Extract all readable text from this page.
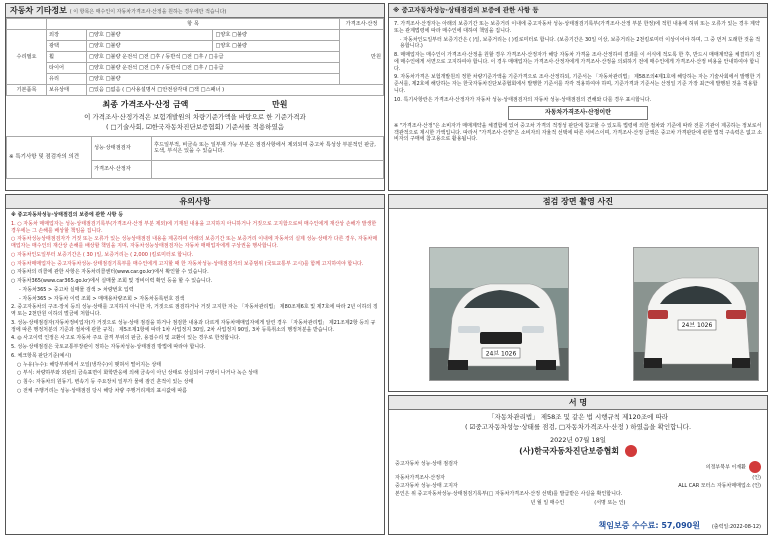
자동차 기타정보 ( 이 항목은 매수인이 자동차가격조사·산정을 원하는 경우에만 적습니다)
	항 목			가격조사·산정
수리필요	외장	□양호 □불량	□양호 □불량	만원
	광택	□양호 □불량	□양호 □불량	
	휠	□양호 □불량 운전석 □전 □후 / 동반석 □전 □후 / □응급		
	타이어	□양호 □불량 운전석 □전 □후 / 동반석 □전 □후 / □응급		
	유리	□양호 □불량		
기본품목	보유상태	□있음 □없음 ( □사용설명서 □안전삼각대 □잭 □스패너 )		
최종 가격조사·산정 금액	만원
이 가격조사·산정가격은 보험개발원의 차량기준가액을 바탕으로 한 기준가격과
( □기술사회, ☑한국자동차진단보증협회) 기준서를 적용하였음
※ 특기사항 및 점검자의 의견	성능·상태점검자	후드일부적, 비금속 또는 일부재 가능 부분은 점검사항에서 제외되며 중고차 특성상 부분적인 판금, 도색, 부식은 있을 수 있습니다.
	가격조사·산정자	
※ 중고자동차성능·상태점검의 보증에 관한 사항 등
7. 가격조사·산정자는 아래의 보증기간 또는 보증거리 이내에 중고자동차 성능·상태점검기록부(가격조사·산정 부분 한정)에 적힌 내용에 허위 또는 오류가 있는 경우 계약 또는 관계법령에 따라 매수인에 대하여 책임을 집니다.
· 자동차인도일부터 보증기간은 ( )일, 보증거리는 ( )킬로미터로 합니다. (보증기간은 30일 이상, 보증거리는 2천킬로미터 이상이어야 하며, 그 중 먼저 도래한 것을 적용합니다.)
8. 매매업자는 매수인이 가격조사·산정을 원할 경우 가격조사·산정자가 해당 자동차 가격을 조사·산정하여 결과를 이 서식에 적도록 한 후, 반드시 매매계약을 체결하기 전에 매수인에게 서면으로 고지하여야 합니다. 이 경우 매매업자는 가격조사·산정자에게 가격조사·산정을 의뢰하기 전에 매수인에게 가격조사·산정 비용을 안내하여야 합니다.
9. 자동차가격은 보험개발원의 정한 차량기준가액을 기준가격으로 조사·산정하되, 기준서는 「자동차관리법」 제58조의4제1호에 해당하는 자는 기술사회에서 발행한 기준서를, 제2호에 해당하는 자는 한국자동차진단보증협회에서 발행한 기준서를 각각 적용하여야 하며, 기준가격과 기준서는 산정일 기준 가장 최근에 발행된 것을 적용합니다.
10. 특기사항란은 가격조사·산정자가 자동차 성능·상태점검자의 자동차 성능·상태점검의 견해와 다를 경우 표시합니다.
자동차가격조사·산정이란
※ "가격조사·산정"은 소비자가 매매계약을 체결함에 있어 중고차 가격의 적정성 판단에 참고할 수 있도록 법령에 의한 절차와 기준에 따라 전문 기관이 제공하는 정보로서 객관적으로 제시한 가액입니다. 따라서 "가격조사·산정"은 소비자의 자율적 선택에 따른 서비스이며, 가격조사·산정 금액은 중고차 가격판단에 관한 법적 구속력은 없고 소비자의 구매에 참고용으로 활용됩니다.
유의사항
※ 중고자동차성능·상태점검의 보증에 관한 사항 등
1. ○ 자동차 매매업자는 성능·상태점검기록부(가격조사·산정 부분 제외)에 기재된 내용을 고지하지 아니하거나 거짓으로 고지함으로써 매수인에게 재산상 손해가 발생한 경우에는 그 손해를 배상할 책임을 집니다.
○ 자동차성능상태점검자가 거짓 또는 오류가 있는 성능상태점검 내용을 제공하여 아래의 보증기간 또는 보증거리 이내에 자동차의 실제 성능·상태가 다른 경우, 자동차매매업자는 매수인의 재산상 손해를 배상할 책임을 지며, 자동차성능상태점검자는 자동차 매매업자에게 구상권을 행사합니다.
○ 자동차인도일부터 보증기간은 ( 30 )일, 보증거리는 ( 2,000 )킬로미터로 합니다.
○ 자동차매매업자는 중고자동차성능·상태점검기록부를 매수인에게 고지할 때 한 자동차성능·상태점검자의 보증범위 (국토교통부 고시)를 함께 고지하여야 합니다.
○ 자동차의 리콜에 관한 사항은 자동차리콜센터(www.car.go.kr)에서 확인할 수 있습니다.
○ 자동차365(www.car365.go.kr)에서 실매물 조회 및 정비이력 확인 등을 할 수 있습니다.
- 자동차365 > 중고차 실매물 검색 > 차량번호 입력
- 자동차365 > 자동차 이력 조회 > 매매용차량조회 > 자동차등록번호 검색
2. 중고자동차의 구조·장치 등의 성능·상태를 고지하지 아니한 자, 거짓으로 점검하거나 거짓 고지한 자는 「자동차관리법」 제80조제6호 및 제7호에 따라 2년 이하의 징역 또는 2천만원 이하의 벌금에 처합니다.
3. 성능·상태점검자(자동차정비업자)가 거짓으로 성능·상태 점검을 하거나 점검한 내용과 다르게 자동차매매업자에게 알린 경우 「자동차관리법」 제21조제2항 등의 규정에 따른 행정처분의 기준과 절차에 관한 규칙」 제5조제1항에 따라 1차 사업정지 30일, 2차 사업정지 90일, 3차 등록취소의 행정처분을 받습니다.
4. ◎ 사고이력 인정은 사고로 자동차 주요 골격 부위의 판금, 용접수리 및 교환이 있는 경우로 한정합니다.
5. 성능·상태점검은 국토교통부장관이 정하는 자동차성능·상태점검 방법에 따라야 합니다.
6. 체크항목 판단기준(예시)
○ 누유(누수): 해당부위에서 오일(냉각수)이 맺혀서 떨어지는 상태
○ 부식: 차량하부와 외판의 금속표면이 화학반응에 의해 금속이 아닌 상태로 상실되어 구멍이 나거나 녹슨 상태
○ 침수: 자동차의 원동기, 변속기 등 주요장치 일부가 물에 잠긴 흔적이 있는 상태
○ 전체 주행거리는 성능·상태점검 당시 해당 차량 주행거리계의 표시값에 따름
점검 장면 촬영 사진
24브 1026
24브 1026
서 명
「자동차관리법」 제58조 및 같은 법 시행규칙 제120조에 따라
( ☑중고자동차성능·상태를 점검, □자동차가격조사·산정 ) 하였음을 확인합니다.
2022년 07월 18일
(사)한국자동차진단보증협회
중고자동차 성능·상태 점검자
의정부북부 이재환
자동차가격조사·산정자	(인)
중고자동차 성능·상태 고지자	ALL CAR 모터스 자동차매매업소 (인)
본인은 위 중고자동차성능·상태점검기록부(□ 자동차가격조사·산정 선택)를 발급받은 사실을 확인합니다.
년 월 일 매수인	(서명 또는 인)
책임보증 수수료: 57,090원 (출력일:2022-08-12)
